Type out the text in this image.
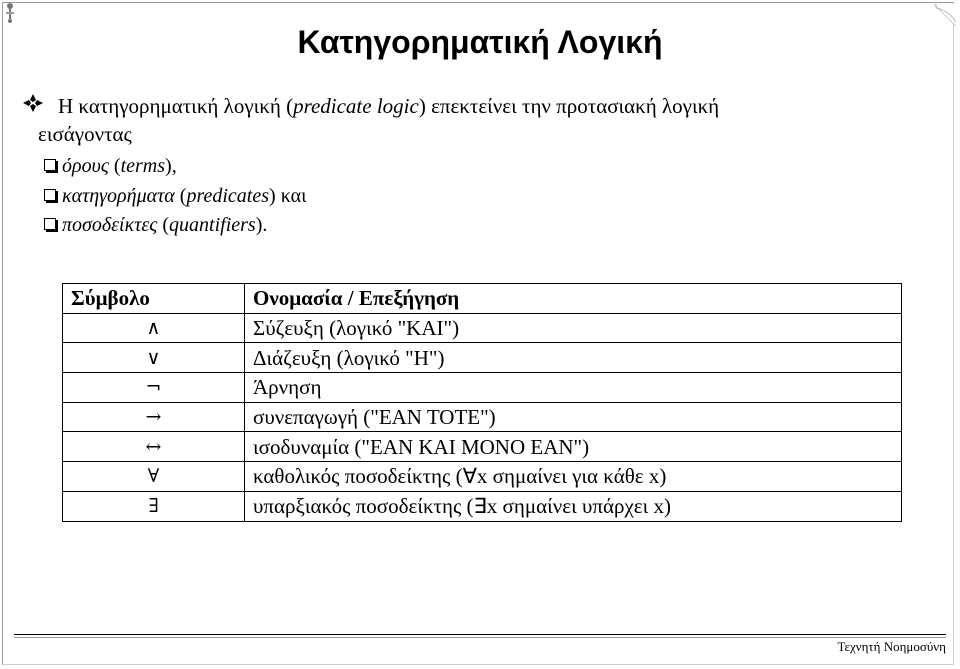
Κατηγορηματική Λογική
Η κατηγορηματική λογική (predicate logic) επεκτείνει την προτασιακή λογική
εισάγοντας
όρους (terms),
κατηγορήματα (predicates) και
ποσοδείκτες (quantifiers).
Σύμβολο	Ονομασία / Επεξήγηση
∧	Σύζευξη (λογικό "ΚΑΙ")
∨	Διάζευξη (λογικό "Η")
¬	Άρνηση
→	συνεπαγωγή ("ΕΑΝ ΤΟΤΕ")
↔	ισοδυναμία ("ΕΑΝ ΚΑΙ ΜΟΝΟ ΕΑΝ")
∀	καθολικός ποσοδείκτης (∀x σημαίνει για κάθε x)
∃	υπαρξιακός ποσοδείκτης (∃x σημαίνει υπάρχει x)
Τεχνητή Νοημοσύνη
